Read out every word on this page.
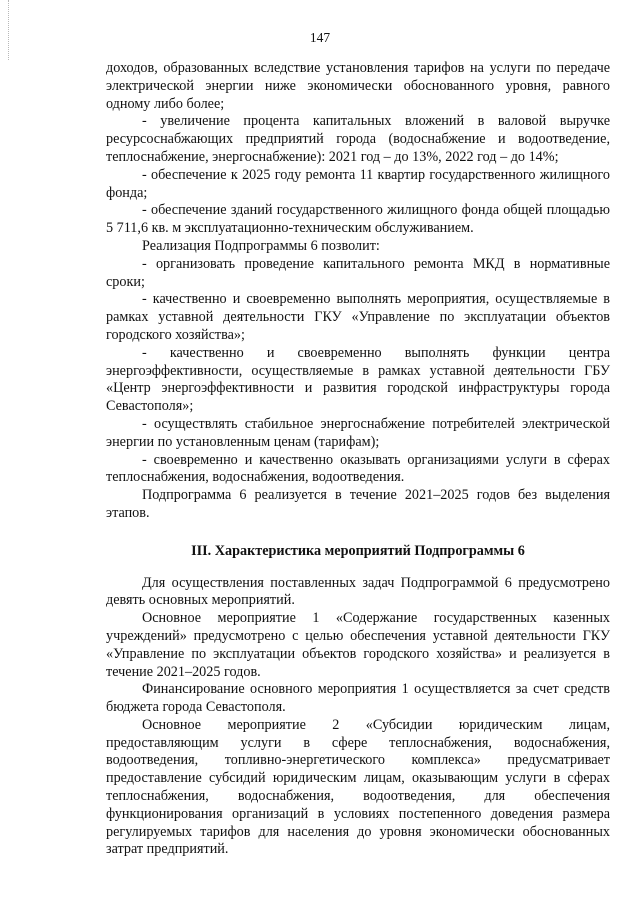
147

доходов, образованных вследствие установления тарифов на услуги по передаче электрической энергии ниже экономически обоснованного уровня, равного одному либо более;

- увеличение процента капитальных вложений в валовой выручке ресурсоснабжающих предприятий города (водоснабжение и водоотведение, теплоснабжение, энергоснабжение): 2021 год – до 13%, 2022 год – до 14%;

- обеспечение к 2025 году ремонта 11 квартир государственного жилищного фонда;

- обеспечение зданий государственного жилищного фонда общей площадью 5 711,6 кв. м эксплуатационно-техническим обслуживанием.

Реализация Подпрограммы 6 позволит:

- организовать проведение капитального ремонта МКД в нормативные сроки;

- качественно и своевременно выполнять мероприятия, осуществляемые в рамках уставной деятельности ГКУ «Управление по эксплуатации объектов городского хозяйства»;

- качественно и своевременно выполнять функции центра энергоэффективности, осуществляемые в рамках уставной деятельности ГБУ «Центр энергоэффективности и развития городской инфраструктуры города Севастополя»;

- осуществлять стабильное энергоснабжение потребителей электрической энергии по установленным ценам (тарифам);

- своевременно и качественно оказывать организациями услуги в сферах теплоснабжения, водоснабжения, водоотведения.

Подпрограмма 6 реализуется в течение 2021–2025 годов без выделения этапов.

III. Характеристика мероприятий Подпрограммы 6

Для осуществления поставленных задач Подпрограммой 6 предусмотрено девять основных мероприятий.

Основное мероприятие 1 «Содержание государственных казенных учреждений» предусмотрено с целью обеспечения уставной деятельности ГКУ «Управление по эксплуатации объектов городского хозяйства» и реализуется в течение 2021–2025 годов.

Финансирование основного мероприятия 1 осуществляется за счет средств бюджета города Севастополя.

Основное мероприятие 2 «Субсидии юридическим лицам, предоставляющим услуги в сфере теплоснабжения, водоснабжения, водоотведения, топливно-энергетического комплекса» предусматривает предоставление субсидий юридическим лицам, оказывающим услуги в сферах теплоснабжения, водоснабжения, водоотведения, для обеспечения функционирования организаций в условиях постепенного доведения размера регулируемых тарифов для населения до уровня экономически обоснованных затрат предприятий.
